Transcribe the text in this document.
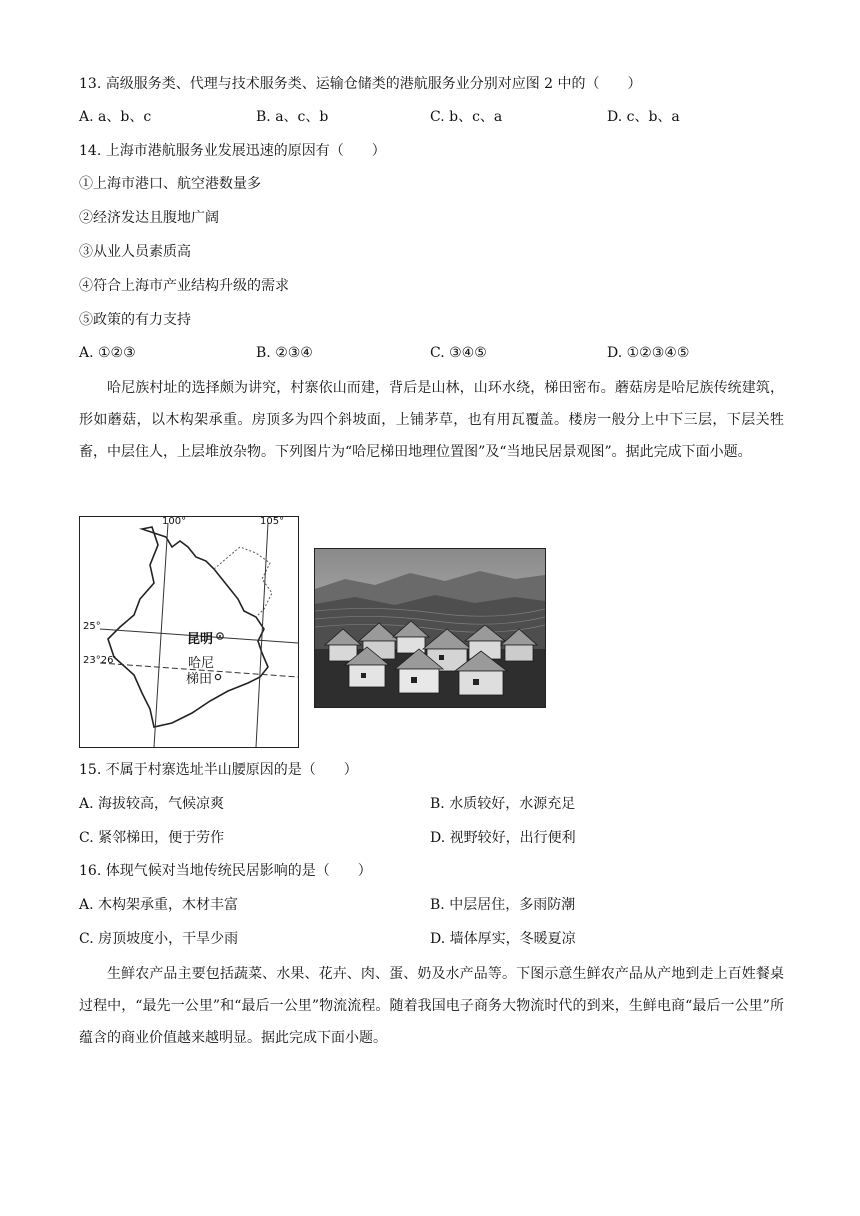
13. 高级服务类、代理与技术服务类、运输仓储类的港航服务业分别对应图 2 中的（　　）
A. a、b、c	B. a、c、b	C. b、c、a	D. c、b、a
14. 上海市港航服务业发展迅速的原因有（　　）
①上海市港口、航空港数量多
②经济发达且腹地广阔
③从业人员素质高
④符合上海市产业结构升级的需求
⑤政策的有力支持
A. ①②③	B. ②③④	C. ③④⑤	D. ①②③④⑤
哈尼族村址的选择颇为讲究，村寨依山而建，背后是山林，山环水绕，梯田密布。蘑菇房是哈尼族传统建筑，形如蘑菇，以木构架承重。房顶多为四个斜坡面，上铺茅草，也有用瓦覆盖。楼房一般分上中下三层，下层关牲畜，中层住人，上层堆放杂物。下列图片为“哈尼梯田地理位置图”及“当地民居景观图”。据此完成下面小题。
100°	105°
25°
23°26′
昆明
哈尼
梯田
15. 不属于村寨选址半山腰原因的是（　　）
A. 海拔较高，气候凉爽	B. 水质较好，水源充足
C. 紧邻梯田，便于劳作	D. 视野较好，出行便利
16. 体现气候对当地传统民居影响的是（　　）
A. 木构架承重，木材丰富	B. 中层居住，多雨防潮
C. 房顶坡度小，干旱少雨	D. 墙体厚实，冬暖夏凉
生鲜农产品主要包括蔬菜、水果、花卉、肉、蛋、奶及水产品等。下图示意生鲜农产品从产地到走上百姓餐桌过程中，“最先一公里”和“最后一公里”物流流程。随着我国电子商务大物流时代的到来，生鲜电商“最后一公里”所蕴含的商业价值越来越明显。据此完成下面小题。
